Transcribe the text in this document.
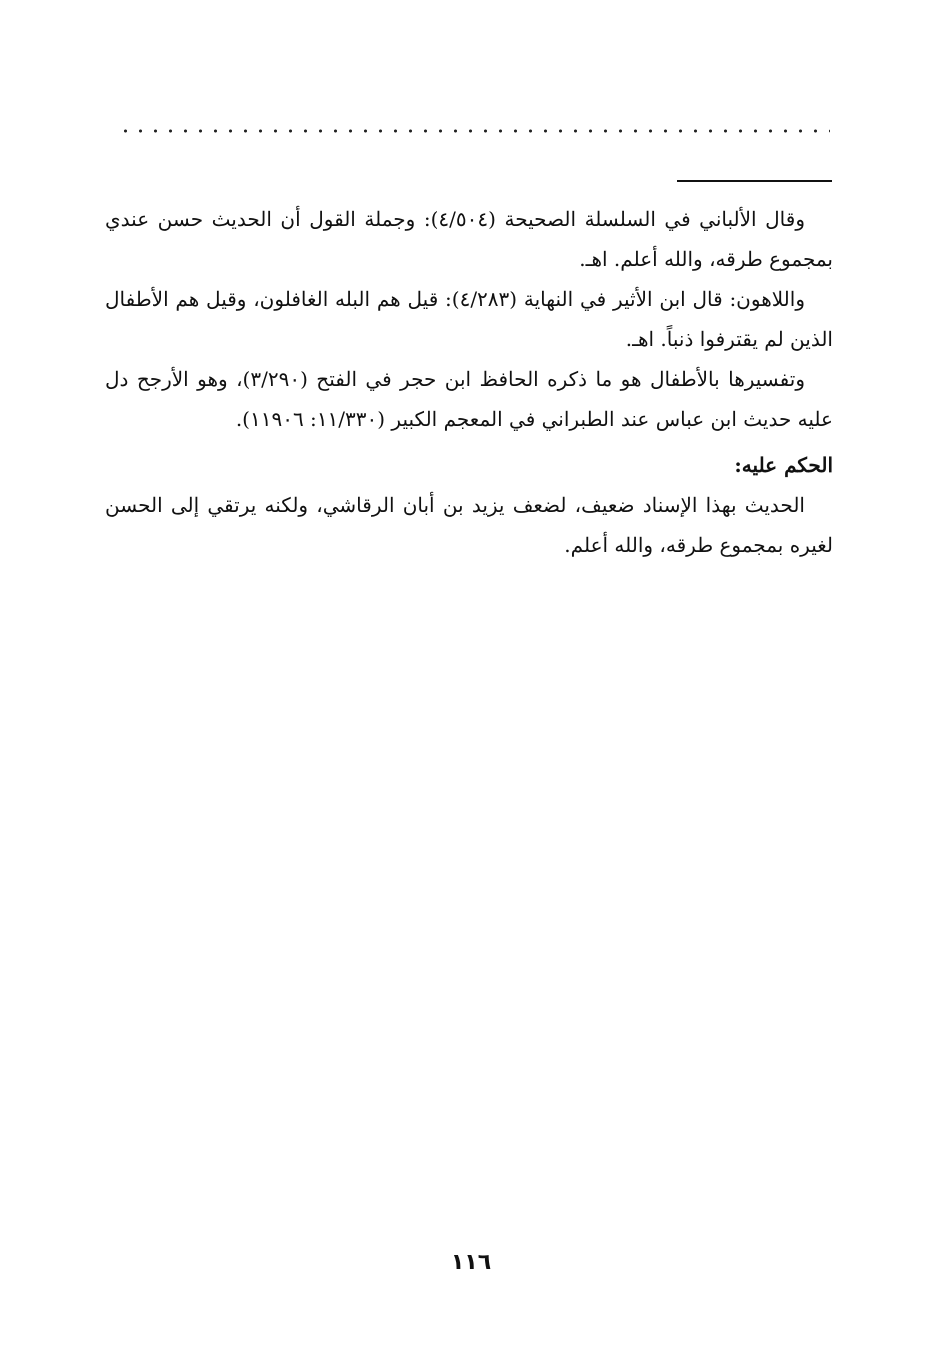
وقال الألباني في السلسلة الصحيحة (٤/٥٠٤): وجملة القول أن الحديث حسن عندي بمجموع طرقه، والله أعلم. اهـ.

واللاهون: قال ابن الأثير في النهاية (٤/٢٨٣): قيل هم البله الغافلون، وقيل هم الأطفال الذين لم يقترفوا ذنباً. اهـ.

وتفسيرها بالأطفال هو ما ذكره الحافظ ابن حجر في الفتح (٣/٢٩٠)، وهو الأرجح دل عليه حديث ابن عباس عند الطبراني في المعجم الكبير (١١/٣٣٠: ١١٩٠٦).

الحكم عليه:

الحديث بهذا الإسناد ضعيف، لضعف يزيد بن أبان الرقاشي، ولكنه يرتقي إلى الحسن لغيره بمجموع طرقه، والله أعلم.

١١٦
